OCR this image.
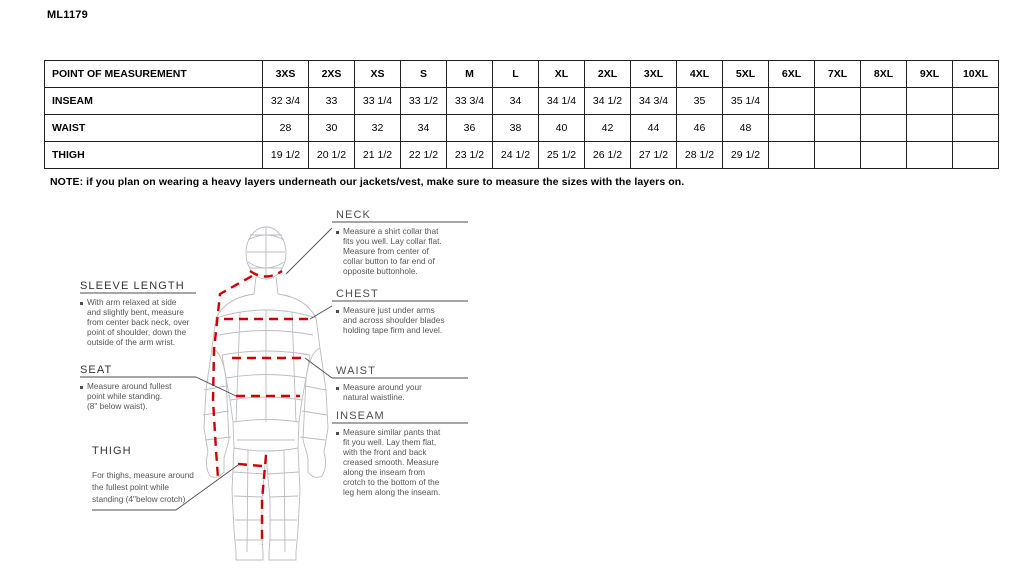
ML1179
POINT OF MEASUREMENT	3XS	2XS	XS	S	M	L	XL	2XL	3XL	4XL	5XL	6XL	7XL	8XL	9XL	10XL
INSEAM	32 3/4	33	33 1/4	33 1/2	33 3/4	34	34 1/4	34 1/2	34 3/4	35	35 1/4					
WAIST	28	30	32	34	36	38	40	42	44	46	48					
THIGH	19 1/2	20 1/2	21 1/2	22 1/2	23 1/2	24 1/2	25 1/2	26 1/2	27 1/2	28 1/2	29 1/2					
NOTE: if you plan on wearing a heavy layers underneath our jackets/vest, make sure to measure the sizes with the layers on.
NECK
Measure a shirt collar that
fits you well. Lay collar flat.
Measure from center of
collar button to far end of
opposite buttonhole.
CHEST
Measure just under arms
and across shoulder blades
holding tape firm and level.
WAIST
Measure around your
natural waistline.
INSEAM
Measure similar pants that
fit you well. Lay them flat,
with the front and back
creased smooth. Measure
along the inseam from
crotch to the bottom of the
leg hem along the inseam.
SLEEVE LENGTH
With arm relaxed at side
and slightly bent, measure
from center back neck, over
point of shoulder, down the
outside of the arm wrist.
SEAT
Measure around fullest
point while standing.
(8" below waist).
THIGH
For thighs, measure around
the fullest point while
standing (4"below crotch)
